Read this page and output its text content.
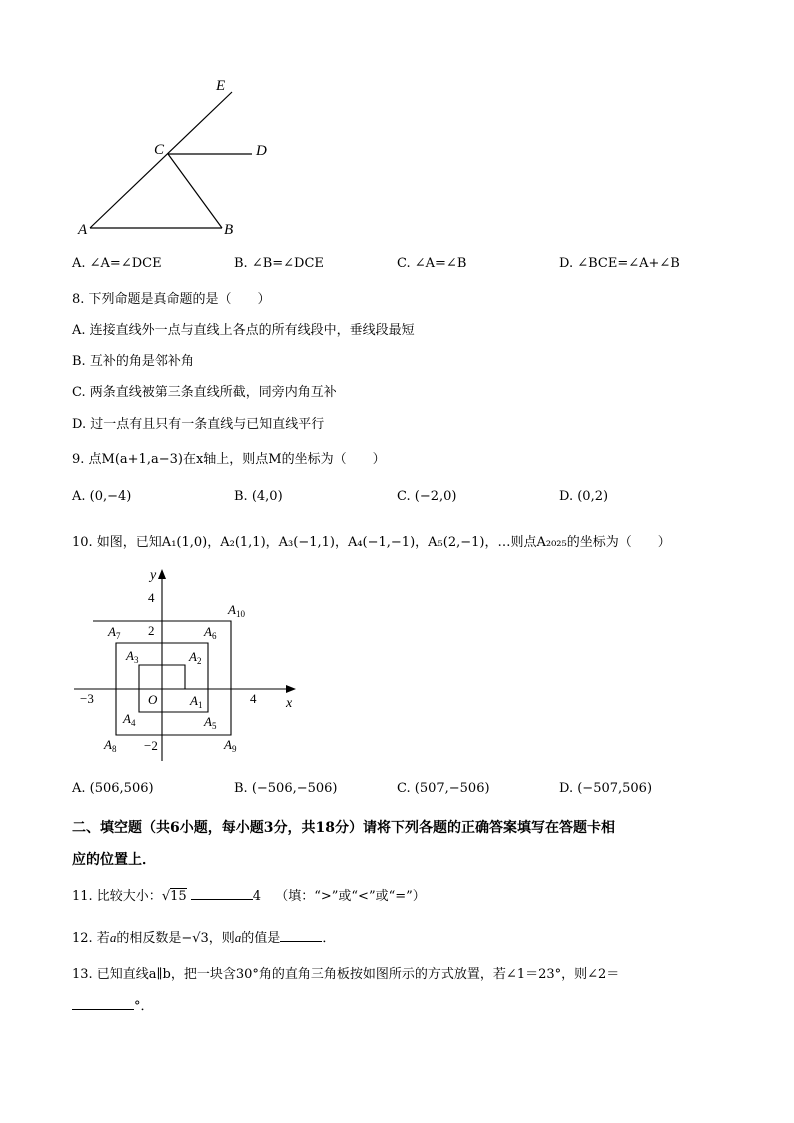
E
C	D
A	B
A. ∠A=∠DCE	B. ∠B=∠DCE	C. ∠A=∠B	D. ∠BCE=∠A+∠B
8. 下列命题是真命题的是（　　）
A. 连接直线外一点与直线上各点的所有线段中，垂线段最短
B. 互补的角是邻补角
C. 两条直线被第三条直线所截，同旁内角互补
D. 过一点有且只有一条直线与已知直线平行
9. 点M(a+1,a−3)在x轴上，则点M的坐标为（　　）
A. (0,−4)	B. (4,0)	C. (−2,0)	D. (0,2)
10. 如图，已知A₁(1,0)，A₂(1,1)，A₃(−1,1)，A₄(−1,−1)，A₅(2,−1)，…则点A₂₀₂₅的坐标为（　　）
y
x
O
4
2
−2
−3	4
$A_1$
$A_2$
$A_3$
$A_4$	$A_5$
$A_6$
$A_7$
$A_8$	$A_9$
$A_{10}$
A. (506,506)	B. (−506,−506)	C. (507,−506)	D. (−507,506)
二、填空题（共6小题，每小题3分，共18分）请将下列各题的正确答案填写在答题卡相
应的位置上．
11. 比较大小：√15	4 （填：“>”或“<”或“=”）
12. 若a的相反数是−√3，则a的值是	．
13. 已知直线a∥b，把一块含30°角的直角三角板按如图所示的方式放置，若∠1＝23°，则∠2＝
°．
